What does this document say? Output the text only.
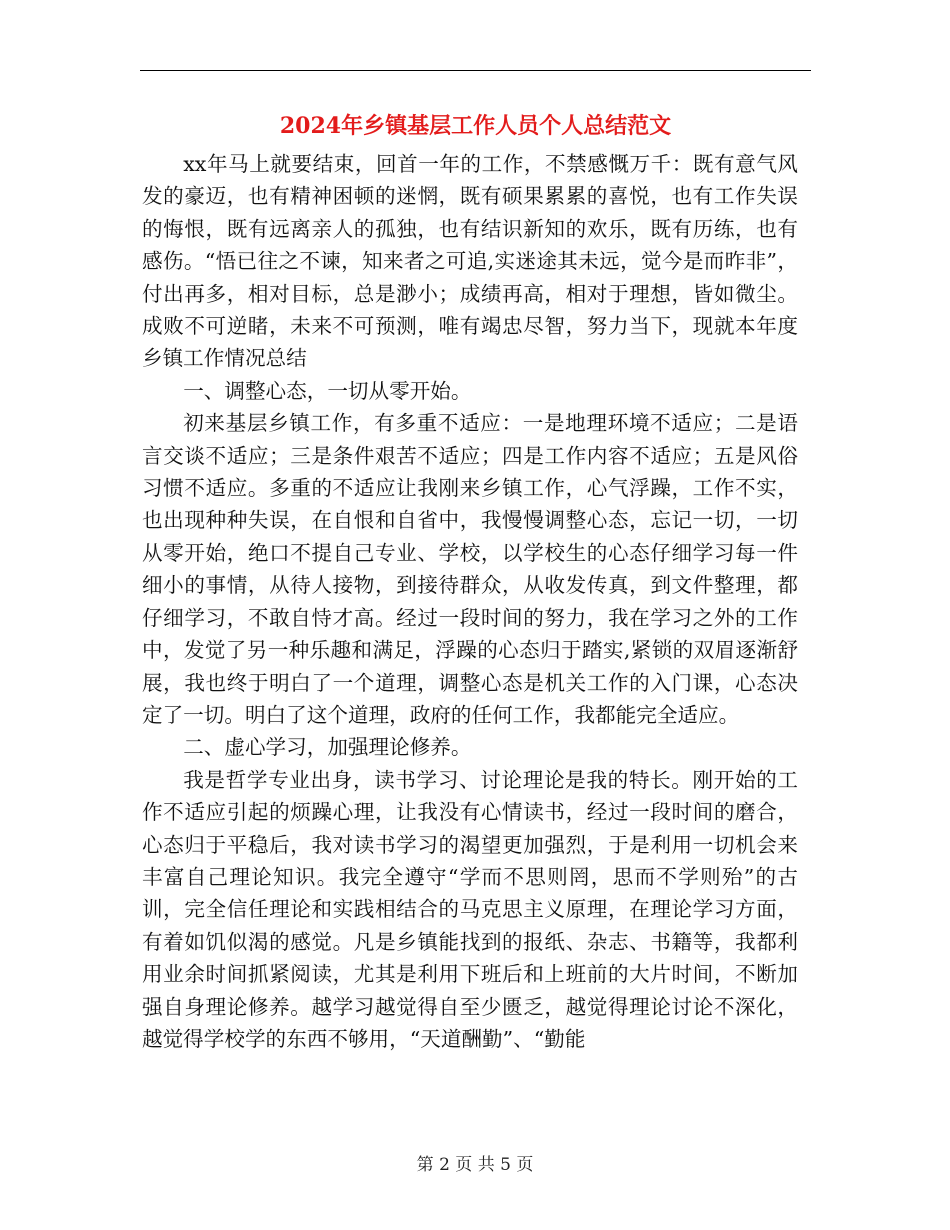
2024年乡镇基层工作人员个人总结范文

xx年马上就要结束，回首一年的工作，不禁感慨万千：既有意气风发的豪迈，也有精神困顿的迷惘，既有硕果累累的喜悦，也有工作失误的悔恨，既有远离亲人的孤独，也有结识新知的欢乐，既有历练，也有感伤。“悟已往之不谏，知来者之可追,实迷途其未远，觉今是而昨非”，付出再多，相对目标，总是渺小；成绩再高，相对于理想，皆如微尘。成败不可逆睹，未来不可预测，唯有竭忠尽智，努力当下，现就本年度乡镇工作情况总结

一、调整心态，一切从零开始。

初来基层乡镇工作，有多重不适应：一是地理环境不适应；二是语言交谈不适应；三是条件艰苦不适应；四是工作内容不适应；五是风俗习惯不适应。多重的不适应让我刚来乡镇工作，心气浮躁，工作不实，也出现种种失误，在自恨和自省中，我慢慢调整心态，忘记一切，一切从零开始，绝口不提自己专业、学校，以学校生的心态仔细学习每一件细小的事情，从待人接物，到接待群众，从收发传真，到文件整理，都仔细学习，不敢自恃才高。经过一段时间的努力，我在学习之外的工作中，发觉了另一种乐趣和满足，浮躁的心态归于踏实,紧锁的双眉逐渐舒展，我也终于明白了一个道理，调整心态是机关工作的入门课，心态决定了一切。明白了这个道理，政府的任何工作，我都能完全适应。

二、虚心学习，加强理论修养。

我是哲学专业出身，读书学习、讨论理论是我的特长。刚开始的工作不适应引起的烦躁心理，让我没有心情读书，经过一段时间的磨合，心态归于平稳后，我对读书学习的渴望更加强烈，于是利用一切机会来丰富自己理论知识。我完全遵守“学而不思则罔，思而不学则殆”的古训，完全信任理论和实践相结合的马克思主义原理，在理论学习方面，有着如饥似渴的感觉。凡是乡镇能找到的报纸、杂志、书籍等，我都利用业余时间抓紧阅读，尤其是利用下班后和上班前的大片时间，不断加强自身理论修养。越学习越觉得自至少匮乏，越觉得理论讨论不深化，越觉得学校学的东西不够用，“天道酬勤”、“勤能

第 2 页 共 5 页
